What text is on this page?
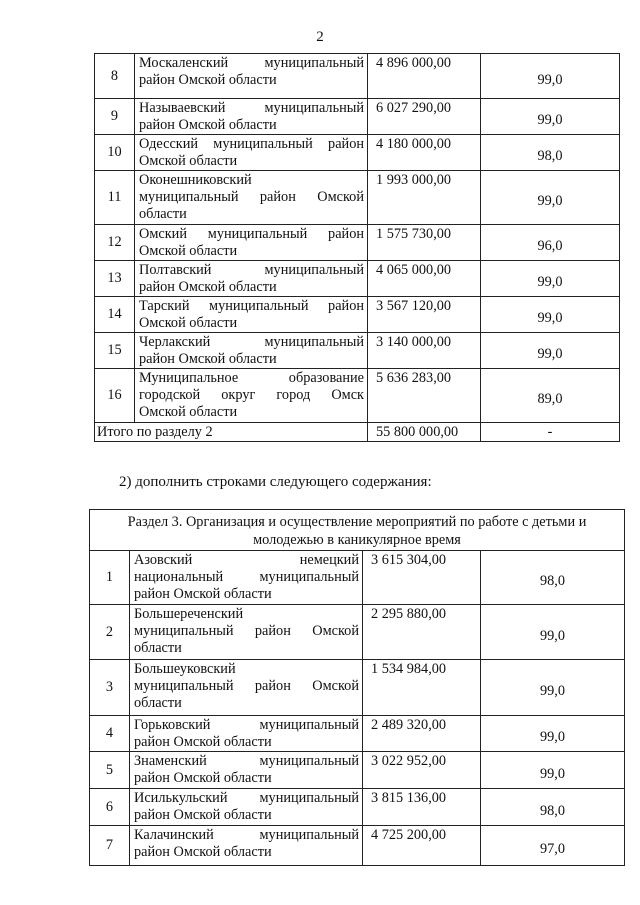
2
8	Москаленский муниципальный
район Омской области	4 896 000,00	99,0
9	Называевский муниципальный
район Омской области	6 027 290,00	99,0
10	Одесский муниципальный район
Омской области	4 180 000,00	98,0
11	Оконешниковский
муниципальный район Омской
области	1 993 000,00	99,0
12	Омский муниципальный район
Омской области	1 575 730,00	96,0
13	Полтавский муниципальный
район Омской области	4 065 000,00	99,0
14	Тарский муниципальный район
Омской области	3 567 120,00	99,0
15	Черлакский муниципальный
район Омской области	3 140 000,00	99,0
16	Муниципальное образование
городской округ город Омск
Омской области	5 636 283,00	89,0
Итого по разделу 2		55 800 000,00	-
2) дополнить строками следующего содержания:
Раздел 3. Организация и осуществление мероприятий по работе с детьми и
молодежью в каникулярное время			

1	Азовский немецкий
национальный муниципальный
район Омской области	3 615 304,00	98,0
2	Большереченский
муниципальный район Омской
области	2 295 880,00	99,0
3	Большеуковский
муниципальный район Омской
области	1 534 984,00	99,0
4	Горьковский муниципальный
район Омской области	2 489 320,00	99,0
5	Знаменский муниципальный
район Омской области	3 022 952,00	99,0
6	Исилькульский муниципальный
район Омской области	3 815 136,00	98,0
7	Калачинский муниципальный
район Омской области	4 725 200,00	97,0
